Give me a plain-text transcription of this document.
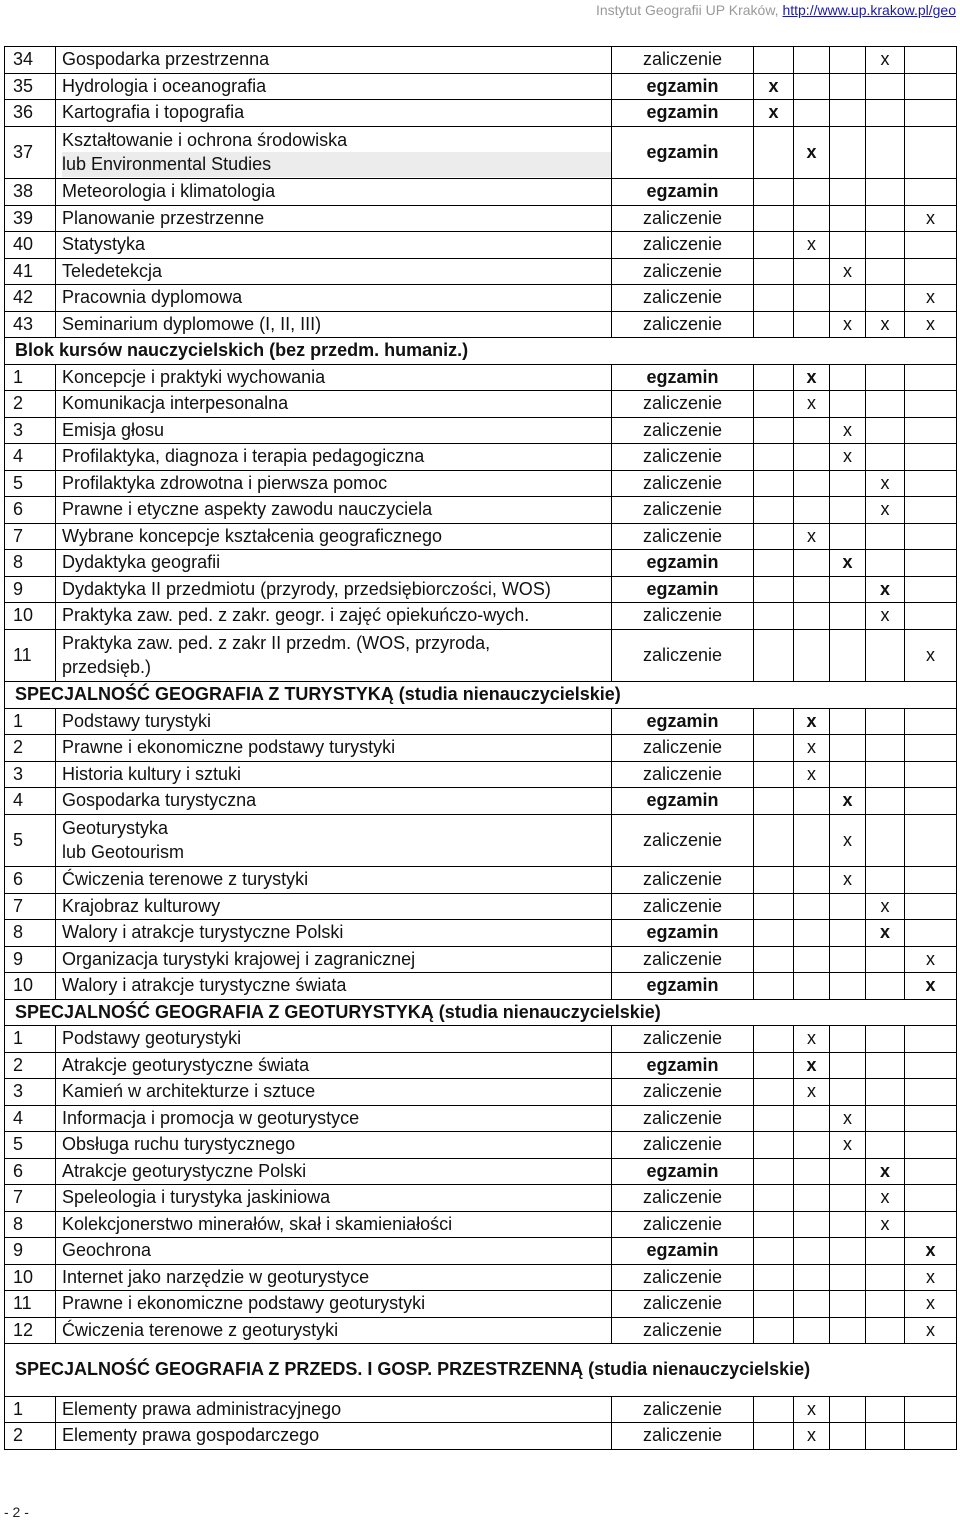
Instytut Geografii UP Kraków, http://www.up.krakow.pl/geo
34	Gospodarka przestrzenna	zaliczenie				x	
35	Hydrologia i oceanografia	egzamin	x				
36	Kartografia i topografia	egzamin	x				
37	Kształtowanie i ochrona środowiska
lub Environmental Studies	egzamin		x			
38	Meteorologia i klimatologia	egzamin					
39	Planowanie przestrzenne	zaliczenie					x
40	Statystyka	zaliczenie		x			
41	Teledetekcja	zaliczenie			x		
42	Pracownia dyplomowa	zaliczenie					x
43	Seminarium dyplomowe (I, II, III)	zaliczenie			x	x	x
Blok kursów nauczycielskich (bez przedm. humaniz.)							
1	Koncepcje i praktyki wychowania	egzamin		x			
2	Komunikacja interpesonalna	zaliczenie		x			
3	Emisja głosu	zaliczenie			x		
4	Profilaktyka, diagnoza i terapia pedagogiczna	zaliczenie			x		
5	Profilaktyka zdrowotna i pierwsza pomoc	zaliczenie				x	
6	Prawne i etyczne aspekty zawodu nauczyciela	zaliczenie				x	
7	Wybrane koncepcje kształcenia geograficznego	zaliczenie		x			
8	Dydaktyka geografii	egzamin			x		
9	Dydaktyka II przedmiotu (przyrody, przedsiębiorczości, WOS)	egzamin				x	
10	Praktyka zaw. ped. z zakr. geogr. i zajęć opiekuńczo-wych.	zaliczenie				x	
11	Praktyka zaw. ped. z zakr II przedm. (WOS, przyroda,
przedsięb.)	zaliczenie					x
SPECJALNOŚĆ GEOGRAFIA Z TURYSTYKĄ (studia nienauczycielskie)							
1	Podstawy turystyki	egzamin		x			
2	Prawne i ekonomiczne podstawy turystyki	zaliczenie		x			
3	Historia kultury i sztuki	zaliczenie		x			
4	Gospodarka turystyczna	egzamin			x		
5	Geoturystyka
lub Geotourism	zaliczenie			x		
6	Ćwiczenia terenowe z turystyki	zaliczenie			x		
7	Krajobraz kulturowy	zaliczenie				x	
8	Walory i atrakcje turystyczne Polski	egzamin				x	
9	Organizacja turystyki krajowej i zagranicznej	zaliczenie					x
10	Walory i atrakcje turystyczne świata	egzamin					x
SPECJALNOŚĆ GEOGRAFIA Z GEOTURYSTYKĄ (studia nienauczycielskie)							
1	Podstawy geoturystyki	zaliczenie		x			
2	Atrakcje geoturystyczne świata	egzamin		x			
3	Kamień w architekturze i sztuce	zaliczenie		x			
4	Informacja i promocja w geoturystyce	zaliczenie			x		
5	Obsługa ruchu turystycznego	zaliczenie			x		
6	Atrakcje geoturystyczne Polski	egzamin				x	
7	Speleologia i turystyka jaskiniowa	zaliczenie				x	
8	Kolekcjonerstwo minerałów, skał i skamieniałości	zaliczenie				x	
9	Geochrona	egzamin					x
10	Internet jako narzędzie w geoturystyce	zaliczenie					x
11	Prawne i ekonomiczne podstawy geoturystyki	zaliczenie					x
12	Ćwiczenia terenowe z geoturystyki	zaliczenie					x
SPECJALNOŚĆ GEOGRAFIA Z PRZEDS. I GOSP. PRZESTRZENNĄ (studia nienauczycielskie)							
1	Elementy prawa administracyjnego	zaliczenie		x			
2	Elementy prawa gospodarczego	zaliczenie		x			
- 2 -
